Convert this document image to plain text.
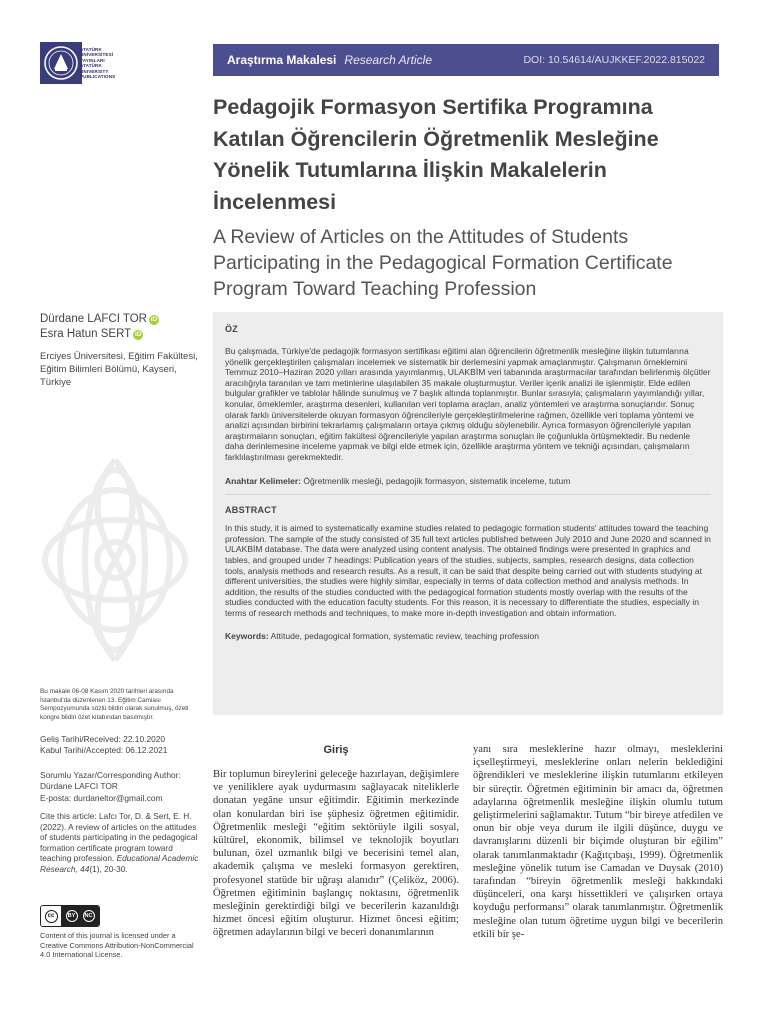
ATATÜRK
ÜNİVERSİTESİ
YAYINLARI
ATATÜRK
UNIVERSITY
PUBLICATIONS
Araştırma Makalesi Research Article	DOI: 10.54614/AUJKKEF.2022.815022
Pedagojik Formasyon Sertifika Programına Katılan Öğrencilerin Öğretmenlik Mesleğine Yönelik Tutumlarına İlişkin Makalelerin İncelenmesi
A Review of Articles on the Attitudes of Students Participating in the Pedagogical Formation Certificate Program Toward Teaching Profession
Dürdane LAFCI TOR iD
Esra Hatun SERT iD
Erciyes Üniversitesi, Eğitim Fakültesi, Eğitim Bilimleri Bölümü, Kayseri, Türkiye
Bu makale 06-08 Kasım 2020 tarihleri arasında İstanbul'da düzenlenen 13. Eğitim Camiası Sempozyumunda sözlü bildiri olarak sunulmuş, özeti kongre bildiri özet kitabından basılmıştır.
Geliş Tarihi/Received: 22.10.2020
Kabul Tarihi/Accepted: 06.12.2021
Sorumlu Yazar/Corresponding Author:
Dürdane LAFCI TOR
E-posta: durdaneltor@gmail.com
Cite this article: Lafcı Tor, D. & Sert, E. H. (2022). A review of articles on the attitudes of students participating in the pedagogical formation certificate program toward teaching profession. Educational Academic Research, 44(1), 20-30.
cc	BY	NC
Content of this journal is licensed under a Creative Commons Attribution-NonCommercial 4.0 International License.
ÖZ

Bu çalışmada, Türkiye'de pedagojik formasyon sertifikası eğitimi alan öğrencilerin öğretmenlik mesleğine ilişkin tutumlarına yönelik gerçekleştirilen çalışmaları incelemek ve sistematik bir derlemesini yapmak amaçlanmıştır. Çalışmanın örneklemini Temmuz 2010–Haziran 2020 yılları arasında yayımlanmış, ULAKBİM veri tabanında araştırmacılar tarafından belirlenmiş ölçütler aracılığıyla taranılan ve tam metinlerine ulaşılabilen 35 makale oluşturmuştur. Veriler içerik analizi ile işlenmiştir. Elde edilen bulgular grafikler ve tablolar hâlinde sunulmuş ve 7 başlık altında toplanmıştır. Bunlar sırasıyla; çalışmaların yayımlandığı yıllar, konular, örneklemler, araştırma desenleri, kullanılan veri toplama araçları, analiz yöntemleri ve araştırma sonuçlarıdır. Sonuç olarak farklı üniversitelerde okuyan formasyon öğrencileriyle gerçekleştirilmelerine rağmen, özellikle veri toplama yöntemi ve analizi açısından birbirini tekrarlamış çalışmaların ortaya çıkmış olduğu söylenebilir. Ayrıca formasyon öğrencileriyle yapılan araştırmaların sonuçları, eğitim fakültesi öğrencileriyle yapılan araştırma sonuçları ile çoğunlukla örtüşmektedir. Bu nedenle daha derinlemesine inceleme yapmak ve bilgi elde etmek için, özellikle araştırma yöntem ve tekniği açısından, çalışmaların farklılaştırılması gerekmektedir.

Anahtar Kelimeler: Öğretmenlik mesleği, pedagojik formasyon, sistematik inceleme, tutum

ABSTRACT

In this study, it is aimed to systematically examine studies related to pedagogic formation students' attitudes toward the teaching profession. The sample of the study consisted of 35 full text articles published between July 2010 and June 2020 and scanned in ULAKBİM database. The data were analyzed using content analysis. The obtained findings were presented in graphics and tables, and grouped under 7 headings: Publication years of the studies, subjects, samples, research designs, data collection tools, analysis methods and research results. As a result, it can be said that despite being carried out with students studying at different universities, the studies were highly similar, especially in terms of data collection method and analysis methods. In addition, the results of the studies conducted with the pedagogical formation students mostly overlap with the results of the studies conducted with the education faculty students. For this reason, it is necessary to differentiate the studies, especially in terms of research methods and techniques, to make more in-depth investigation and obtain information.

Keywords: Attitude, pedagogical formation, systematic review, teaching profession

Giriş

Bir toplumun bireylerini geleceğe hazırlayan, değişimlere ve yeniliklere ayak uydurmasını sağlayacak niteliklerle donatan yegâne unsur eğitimdir. Eğitimin merkezinde olan konulardan biri ise şüphesiz öğretmen eğitimidir. Öğretmenlik mesleği “eğitim sektörüyle ilgili sosyal, kültürel, ekonomik, bilimsel ve teknolojik boyutları bulunan, özel uzmanlık bilgi ve becerisini temel alan, akademik çalışma ve mesleki formasyon gerektiren, profesyonel statüde bir uğraşı alanıdır” (Çeliköz, 2006). Öğretmen eğitiminin başlangıç noktasını, öğretmenlik mesleğinin gerektirdiği bilgi ve becerilerin kazanıldığı hizmet öncesi eğitim oluşturur. Hizmet öncesi eğitim; öğretmen adaylarının bilgi ve beceri donanımlarının

yanı sıra mesleklerine hazır olmayı, mesleklerini içselleştirmeyi, mesleklerine onları nelerin beklediğini öğrendikleri ve mesleklerine ilişkin tutumlarını etkileyen bir süreçtir. Öğretmen eğitiminin bir amacı da, öğretmen adaylarına öğretmenlik mesleğine ilişkin olumlu tutum geliştirmelerini sağlamaktır. Tutum “bir bireye atfedilen ve onun bir obje veya durum ile ilgili düşünce, duygu ve davranışlarını düzenli bir biçimde oluşturan bir eğilim” olarak tanımlanmaktadır (Kağıtçıbaşı, 1999). Öğretmenlik mesleğine yönelik tutum ise Camadan ve Duysak (2010) tarafından “bireyin öğretmenlik mesleği hakkındaki düşünceleri, ona karşı hissettikleri ve çalışırken ortaya koyduğu performansı” olarak tanımlanmıştır. Öğretmenlik mesleğine olan tutum öğretime uygun bilgi ve becerilerin etkili bir şe-
